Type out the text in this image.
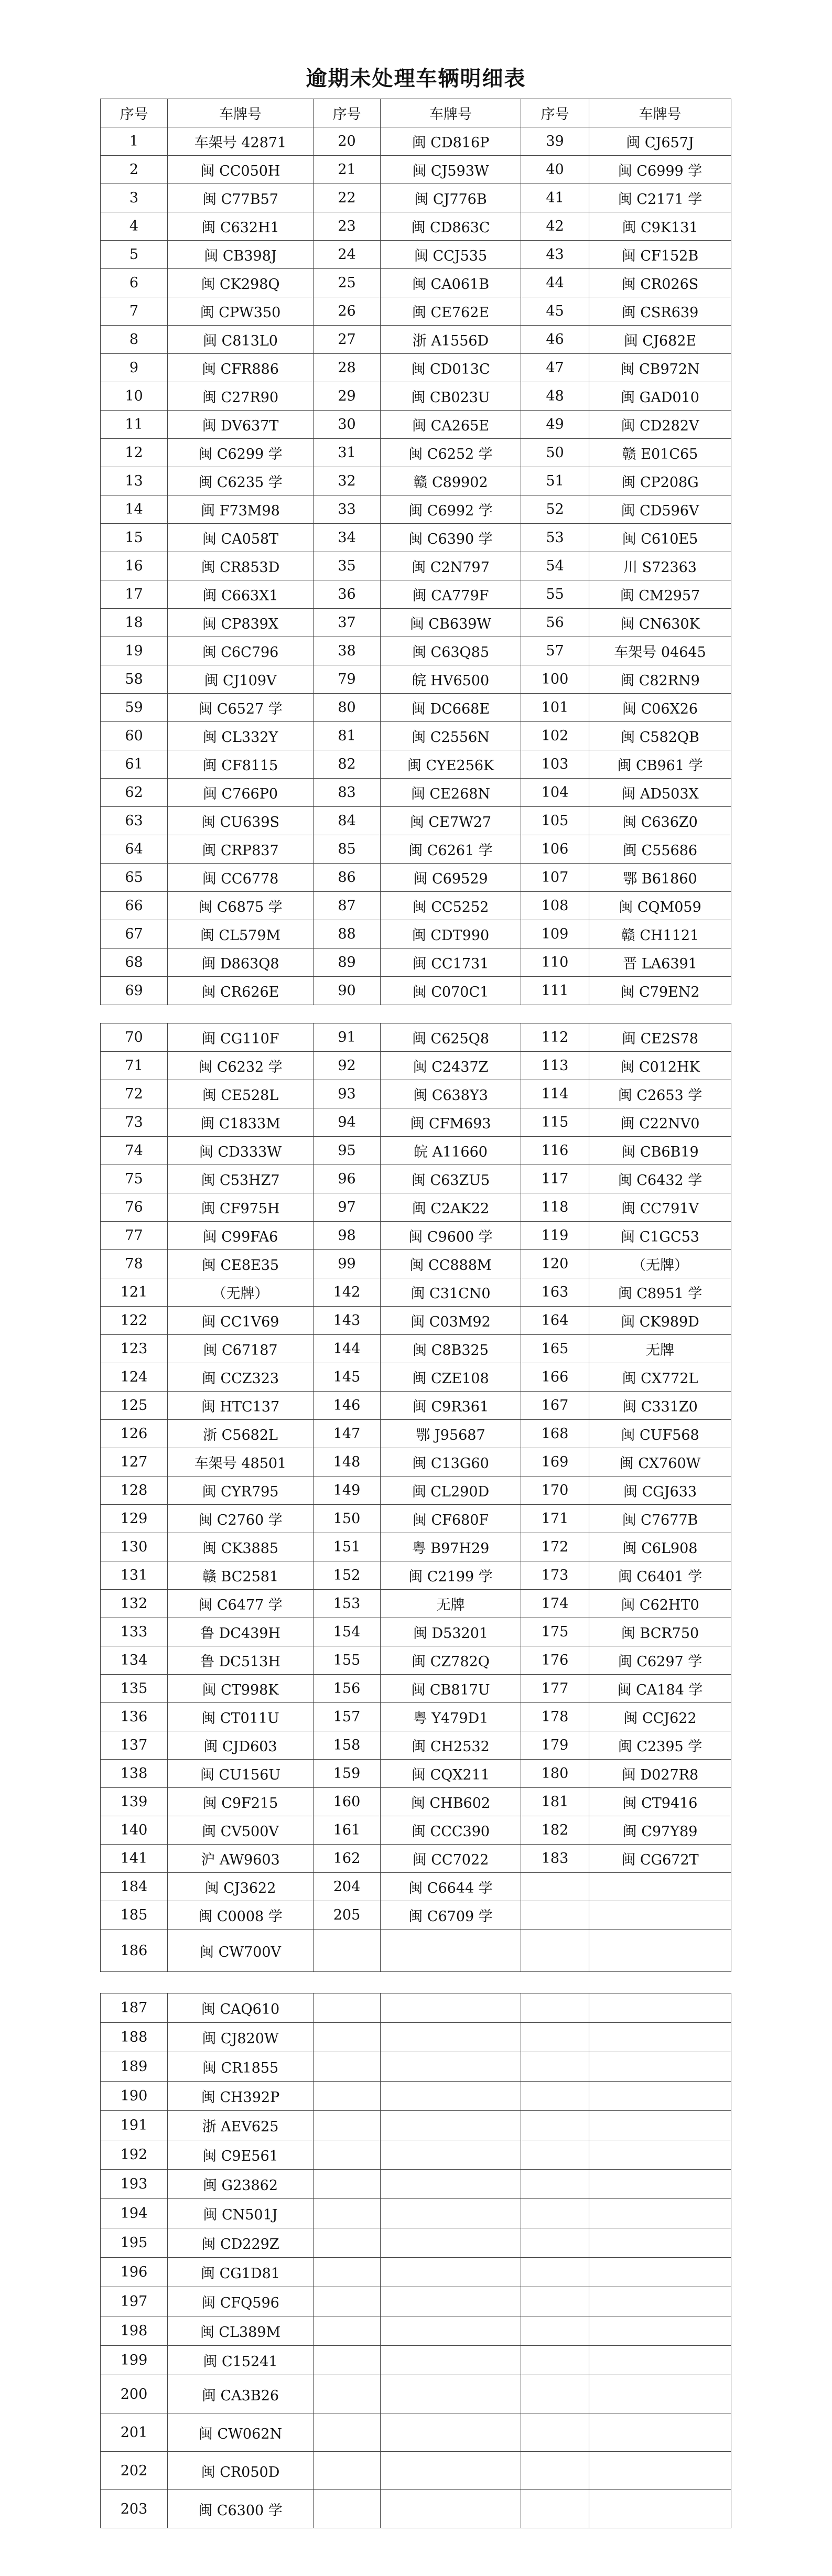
逾期未处理车辆明细表
序号	车牌号	序号	车牌号	序号	车牌号
1	车架号 42871	20	闽 CD816P	39	闽 CJ657J
2	闽 CC050H	21	闽 CJ593W	40	闽 C6999 学
3	闽 C77B57	22	闽 CJ776B	41	闽 C2171 学
4	闽 C632H1	23	闽 CD863C	42	闽 C9K131
5	闽 CB398J	24	闽 CCJ535	43	闽 CF152B
6	闽 CK298Q	25	闽 CA061B	44	闽 CR026S
7	闽 CPW350	26	闽 CE762E	45	闽 CSR639
8	闽 C813L0	27	浙 A1556D	46	闽 CJ682E
9	闽 CFR886	28	闽 CD013C	47	闽 CB972N
10	闽 C27R90	29	闽 CB023U	48	闽 GAD010
11	闽 DV637T	30	闽 CA265E	49	闽 CD282V
12	闽 C6299 学	31	闽 C6252 学	50	赣 E01C65
13	闽 C6235 学	32	赣 C89902	51	闽 CP208G
14	闽 F73M98	33	闽 C6992 学	52	闽 CD596V
15	闽 CA058T	34	闽 C6390 学	53	闽 C610E5
16	闽 CR853D	35	闽 C2N797	54	川 S72363
17	闽 C663X1	36	闽 CA779F	55	闽 CM2957
18	闽 CP839X	37	闽 CB639W	56	闽 CN630K
19	闽 C6C796	38	闽 C63Q85	57	车架号 04645
58	闽 CJ109V	79	皖 HV6500	100	闽 C82RN9
59	闽 C6527 学	80	闽 DC668E	101	闽 C06X26
60	闽 CL332Y	81	闽 C2556N	102	闽 C582QB
61	闽 CF8115	82	闽 CYE256K	103	闽 CB961 学
62	闽 C766P0	83	闽 CE268N	104	闽 AD503X
63	闽 CU639S	84	闽 CE7W27	105	闽 C636Z0
64	闽 CRP837	85	闽 C6261 学	106	闽 C55686
65	闽 CC6778	86	闽 C69529	107	鄂 B61860
66	闽 C6875 学	87	闽 CC5252	108	闽 CQM059
67	闽 CL579M	88	闽 CDT990	109	赣 CH1121
68	闽 D863Q8	89	闽 CC1731	110	晋 LA6391
69	闽 CR626E	90	闽 C070C1	111	闽 C79EN2
70	闽 CG110F	91	闽 C625Q8	112	闽 CE2S78
71	闽 C6232 学	92	闽 C2437Z	113	闽 C012HK
72	闽 CE528L	93	闽 C638Y3	114	闽 C2653 学
73	闽 C1833M	94	闽 CFM693	115	闽 C22NV0
74	闽 CD333W	95	皖 A11660	116	闽 CB6B19
75	闽 C53HZ7	96	闽 C63ZU5	117	闽 C6432 学
76	闽 CF975H	97	闽 C2AK22	118	闽 CC791V
77	闽 C99FA6	98	闽 C9600 学	119	闽 C1GC53
78	闽 CE8E35	99	闽 CC888M	120	（无牌）
121	（无牌）	142	闽 C31CN0	163	闽 C8951 学
122	闽 CC1V69	143	闽 C03M92	164	闽 CK989D
123	闽 C67187	144	闽 C8B325	165	无牌
124	闽 CCZ323	145	闽 CZE108	166	闽 CX772L
125	闽 HTC137	146	闽 C9R361	167	闽 C331Z0
126	浙 C5682L	147	鄂 J95687	168	闽 CUF568
127	车架号 48501	148	闽 C13G60	169	闽 CX760W
128	闽 CYR795	149	闽 CL290D	170	闽 CGJ633
129	闽 C2760 学	150	闽 CF680F	171	闽 C7677B
130	闽 CK3885	151	粤 B97H29	172	闽 C6L908
131	赣 BC2581	152	闽 C2199 学	173	闽 C6401 学
132	闽 C6477 学	153	无牌	174	闽 C62HT0
133	鲁 DC439H	154	闽 D53201	175	闽 BCR750
134	鲁 DC513H	155	闽 CZ782Q	176	闽 C6297 学
135	闽 CT998K	156	闽 CB817U	177	闽 CA184 学
136	闽 CT011U	157	粤 Y479D1	178	闽 CCJ622
137	闽 CJD603	158	闽 CH2532	179	闽 C2395 学
138	闽 CU156U	159	闽 CQX211	180	闽 D027R8
139	闽 C9F215	160	闽 CHB602	181	闽 CT9416
140	闽 CV500V	161	闽 CCC390	182	闽 C97Y89
141	沪 AW9603	162	闽 CC7022	183	闽 CG672T
184	闽 CJ3622	204	闽 C6644 学		
185	闽 C0008 学	205	闽 C6709 学		
186	闽 CW700V				
187	闽 CAQ610				
188	闽 CJ820W				
189	闽 CR1855				
190	闽 CH392P				
191	浙 AEV625				
192	闽 C9E561				
193	闽 G23862				
194	闽 CN501J				
195	闽 CD229Z				
196	闽 CG1D81				
197	闽 CFQ596				
198	闽 CL389M				
199	闽 C15241				
200	闽 CA3B26				
201	闽 CW062N				
202	闽 CR050D				
203	闽 C6300 学				
